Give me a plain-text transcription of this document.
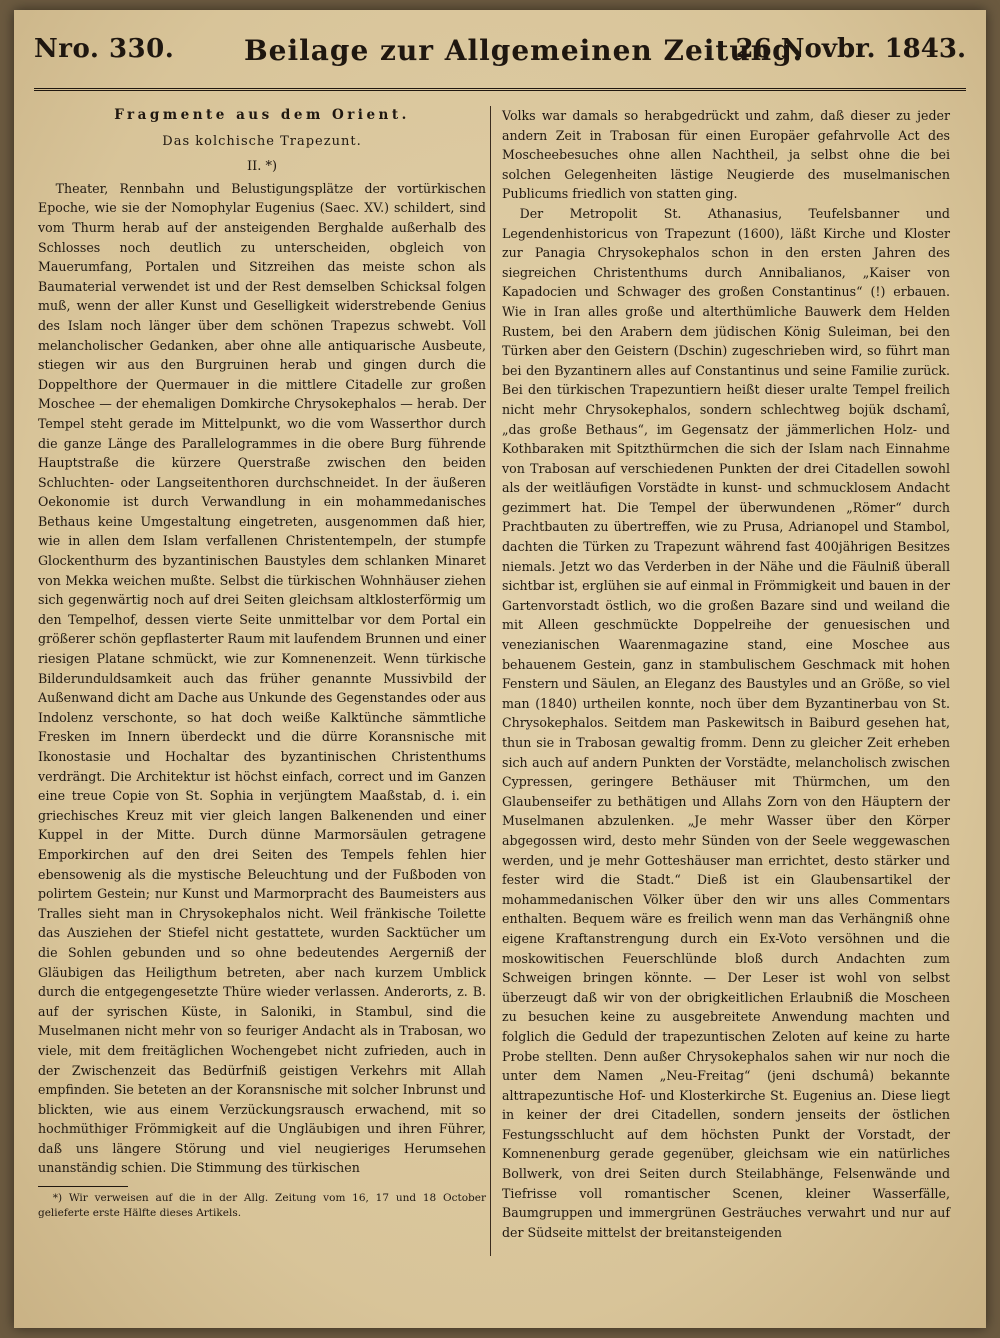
Nro. 330. Beilage zur Allgemeinen Zeitung.
26 Novbr. 1843.
Fragmente aus dem Orient.
Das kolchische Trapezunt.
II. *)

Theater, Rennbahn und Belustigungsplätze der vortürkischen Epoche, wie sie der Nomophylar Eugenius (Saec. XV.) schildert, sind vom Thurm herab auf der ansteigenden Berghalde außerhalb des Schlosses noch deutlich zu unterscheiden, obgleich von Mauerumfang, Portalen und Sitzreihen das meiste schon als Baumaterial verwendet ist und der Rest demselben Schicksal folgen muß, wenn der aller Kunst und Geselligkeit widerstrebende Genius des Islam noch länger über dem schönen Trapezus schwebt. Voll melancholischer Gedanken, aber ohne alle antiquarische Ausbeute, stiegen wir aus den Burgruinen herab und gingen durch die Doppelthore der Quermauer in die mittlere Citadelle zur großen Moschee — der ehemaligen Domkirche Chrysokephalos — herab. Der Tempel steht gerade im Mittelpunkt, wo die vom Wasserthor durch die ganze Länge des Parallelogrammes in die obere Burg führende Hauptstraße die kürzere Querstraße zwischen den beiden Schluchten- oder Langseitenthoren durchschneidet. In der äußeren Oekonomie ist durch Verwandlung in ein mohammedanisches Bethaus keine Umgestaltung eingetreten, ausgenommen daß hier, wie in allen dem Islam verfallenen Christentempeln, der stumpfe Glockenthurm des byzantinischen Baustyles dem schlanken Minaret von Mekka weichen mußte. Selbst die türkischen Wohnhäuser ziehen sich gegenwärtig noch auf drei Seiten gleichsam altklosterförmig um den Tempelhof, dessen vierte Seite unmittelbar vor dem Portal ein größerer schön gepflasterter Raum mit laufendem Brunnen und einer riesigen Platane schmückt, wie zur Komnenenzeit. Wenn türkische Bilderunduldsamkeit auch das früher genannte Mussivbild der Außenwand dicht am Dache aus Unkunde des Gegenstandes oder aus Indolenz verschonte, so hat doch weiße Kalktünche sämmtliche Fresken im Innern überdeckt und die dürre Koransnische mit Ikonostasie und Hochaltar des byzantinischen Christenthums verdrängt. Die Architektur ist höchst einfach, correct und im Ganzen eine treue Copie von St. Sophia in verjüngtem Maaßstab, d. i. ein griechisches Kreuz mit vier gleich langen Balkenenden und einer Kuppel in der Mitte. Durch dünne Marmorsäulen getragene Emporkirchen auf den drei Seiten des Tempels fehlen hier ebensowenig als die mystische Beleuchtung und der Fußboden von polirtem Gestein; nur Kunst und Marmorpracht des Baumeisters aus Tralles sieht man in Chrysokephalos nicht. Weil fränkische Toilette das Ausziehen der Stiefel nicht gestattete, wurden Sacktücher um die Sohlen gebunden und so ohne bedeutendes Aergerniß der Gläubigen das Heiligthum betreten, aber nach kurzem Umblick durch die entgegengesetzte Thüre wieder verlassen. Anderorts, z. B. auf der syrischen Küste, in Saloniki, in Stambul, sind die Muselmanen nicht mehr von so feuriger Andacht als in Trabosan, wo viele, mit dem freitäglichen Wochengebet nicht zufrieden, auch in der Zwischenzeit das Bedürfniß geistigen Verkehrs mit Allah empfinden. Sie beteten an der Koransnische mit solcher Inbrunst und blickten, wie aus einem Verzückungsrausch erwachend, mit so hochmüthiger Frömmigkeit auf die Ungläubigen und ihren Führer, daß uns längere Störung und viel neugieriges Herumsehen unanständig schien. Die Stimmung des türkischen

*) Wir verweisen auf die in der Allg. Zeitung vom 16, 17 und 18 October gelieferte erste Hälfte dieses Artikels.

Volks war damals so herabgedrückt und zahm, daß dieser zu jeder andern Zeit in Trabosan für einen Europäer gefahrvolle Act des Moscheebesuches ohne allen Nachtheil, ja selbst ohne die bei solchen Gelegenheiten lästige Neugierde des muselmanischen Publicums friedlich von statten ging.

Der Metropolit St. Athanasius, Teufelsbanner und Legendenhistoricus von Trapezunt (1600), läßt Kirche und Kloster zur Panagia Chrysokephalos schon in den ersten Jahren des siegreichen Christenthums durch Annibalianos, „Kaiser von Kapadocien und Schwager des großen Constantinus“ (!) erbauen. Wie in Iran alles große und alterthümliche Bauwerk dem Helden Rustem, bei den Arabern dem jüdischen König Suleiman, bei den Türken aber den Geistern (Dschin) zugeschrieben wird, so führt man bei den Byzantinern alles auf Constantinus und seine Familie zurück. Bei den türkischen Trapezuntiern heißt dieser uralte Tempel freilich nicht mehr Chrysokephalos, sondern schlechtweg bojük dschamî, „das große Bethaus“, im Gegensatz der jämmerlichen Holz- und Kothbaraken mit Spitzthürmchen die sich der Islam nach Einnahme von Trabosan auf verschiedenen Punkten der drei Citadellen sowohl als der weitläufigen Vorstädte in kunst- und schmucklosem Andacht gezimmert hat. Die Tempel der überwundenen „Römer“ durch Prachtbauten zu übertreffen, wie zu Prusa, Adrianopel und Stambol, dachten die Türken zu Trapezunt während fast 400jährigen Besitzes niemals. Jetzt wo das Verderben in der Nähe und die Fäulniß überall sichtbar ist, erglühen sie auf einmal in Frömmigkeit und bauen in der Gartenvorstadt östlich, wo die großen Bazare sind und weiland die mit Alleen geschmückte Doppelreihe der genuesischen und venezianischen Waarenmagazine stand, eine Moschee aus behauenem Gestein, ganz in stambulischem Geschmack mit hohen Fenstern und Säulen, an Eleganz des Baustyles und an Größe, so viel man (1840) urtheilen konnte, noch über dem Byzantinerbau von St. Chrysokephalos. Seitdem man Paskewitsch in Baiburd gesehen hat, thun sie in Trabosan gewaltig fromm. Denn zu gleicher Zeit erheben sich auch auf andern Punkten der Vorstädte, melancholisch zwischen Cypressen, geringere Bethäuser mit Thürmchen, um den Glaubenseifer zu bethätigen und Allahs Zorn von den Häuptern der Muselmanen abzulenken. „Je mehr Wasser über den Körper abgegossen wird, desto mehr Sünden von der Seele weggewaschen werden, und je mehr Gotteshäuser man errichtet, desto stärker und fester wird die Stadt.“ Dieß ist ein Glaubensartikel der mohammedanischen Völker über den wir uns alles Commentars enthalten. Bequem wäre es freilich wenn man das Verhängniß ohne eigene Kraftanstrengung durch ein Ex-Voto versöhnen und die moskowitischen Feuerschlünde bloß durch Andachten zum Schweigen bringen könnte. — Der Leser ist wohl von selbst überzeugt daß wir von der obrigkeitlichen Erlaubniß die Moscheen zu besuchen keine zu ausgebreitete Anwendung machten und folglich die Geduld der trapezuntischen Zeloten auf keine zu harte Probe stellten. Denn außer Chrysokephalos sahen wir nur noch die unter dem Namen „Neu-Freitag“ (jeni dschumâ) bekannte alttrapezuntische Hof- und Klosterkirche St. Eugenius an. Diese liegt in keiner der drei Citadellen, sondern jenseits der östlichen Festungsschlucht auf dem höchsten Punkt der Vorstadt, der Komnenenburg gerade gegenüber, gleichsam wie ein natürliches Bollwerk, von drei Seiten durch Steilabhänge, Felsenwände und Tiefrisse voll romantischer Scenen, kleiner Wasserfälle, Baumgruppen und immergrünen Gesträuches verwahrt und nur auf der Südseite mittelst der breitansteigenden
